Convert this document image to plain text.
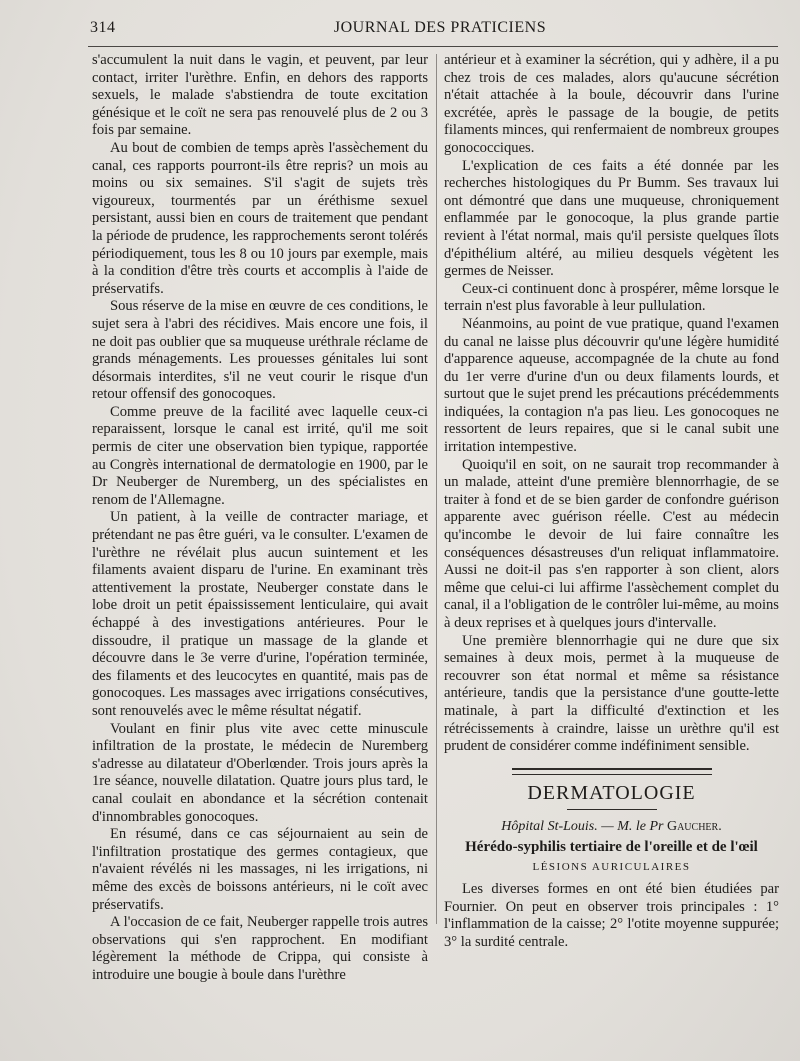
314	JOURNAL DES PRATICIENS

s'accumulent la nuit dans le vagin, et peuvent, par leur contact, irriter l'urèthre. Enfin, en dehors des rapports sexuels, le malade s'abstiendra de toute excitation génésique et le coït ne sera pas renouvelé plus de 2 ou 3 fois par semaine.

Au bout de combien de temps après l'assèchement du canal, ces rapports pourront-ils être repris? un mois au moins ou six semaines. S'il s'agit de sujets très vigoureux, tourmentés par un éréthisme sexuel persistant, aussi bien en cours de traitement que pendant la période de prudence, les rapprochements seront tolérés périodiquement, tous les 8 ou 10 jours par exemple, mais à la condition d'être très courts et accomplis à l'aide de préservatifs.

Sous réserve de la mise en œuvre de ces conditions, le sujet sera à l'abri des récidives. Mais encore une fois, il ne doit pas oublier que sa muqueuse uréthrale réclame de grands ménagements. Les prouesses génitales lui sont désormais interdites, s'il ne veut courir le risque d'un retour offensif des gonocoques.

Comme preuve de la facilité avec laquelle ceux-ci reparaissent, lorsque le canal est irrité, qu'il me soit permis de citer une observation bien typique, rapportée au Congrès international de dermatologie en 1900, par le Dr Neuberger de Nuremberg, un des spécialistes en renom de l'Allemagne.

Un patient, à la veille de contracter mariage, et prétendant ne pas être guéri, va le consulter. L'examen de l'urèthre ne révélait plus aucun suintement et les filaments avaient disparu de l'urine. En examinant très attentivement la prostate, Neuberger constate dans le lobe droit un petit épaississement lenticulaire, qui avait échappé à des investigations antérieures. Pour le dissoudre, il pratique un massage de la glande et découvre dans le 3e verre d'urine, l'opération terminée, des filaments et des leucocytes en quantité, mais pas de gonocoques. Les massages avec irrigations consécutives, sont renouvelés avec le même résultat négatif.

Voulant en finir plus vite avec cette minuscule infiltration de la prostate, le médecin de Nuremberg s'adresse au dilatateur d'Oberlœnder. Trois jours après la 1re séance, nouvelle dilatation. Quatre jours plus tard, le canal coulait en abondance et la sécrétion contenait d'innombrables gonocoques.

En résumé, dans ce cas séjournaient au sein de l'infiltration prostatique des germes contagieux, que n'avaient révélés ni les massages, ni les irrigations, ni même des excès de boissons antérieurs, ni le coït avec préservatifs.

A l'occasion de ce fait, Neuberger rappelle trois autres observations qui s'en rapprochent. En modifiant légèrement la méthode de Crippa, qui consiste à introduire une bougie à boule dans l'urèthre

antérieur et à examiner la sécrétion, qui y adhère, il a pu chez trois de ces malades, alors qu'aucune sécrétion n'était attachée à la boule, découvrir dans l'urine excrétée, après le passage de la bougie, de petits filaments minces, qui renfermaient de nombreux groupes gonococciques.

L'explication de ces faits a été donnée par les recherches histologiques du Pr Bumm. Ses travaux lui ont démontré que dans une muqueuse, chroniquement enflammée par le gonocoque, la plus grande partie revient à l'état normal, mais qu'il persiste quelques îlots d'épithélium altéré, au milieu desquels végètent les germes de Neisser.

Ceux-ci continuent donc à prospérer, même lorsque le terrain n'est plus favorable à leur pullulation.

Néanmoins, au point de vue pratique, quand l'examen du canal ne laisse plus découvrir qu'une légère humidité d'apparence aqueuse, accompagnée de la chute au fond du 1er verre d'urine d'un ou deux filaments lourds, et surtout que le sujet prend les précautions précédemments indiquées, la contagion n'a pas lieu. Les gonocoques ne ressortent de leurs repaires, que si le canal subit une irritation intempestive.

Quoiqu'il en soit, on ne saurait trop recommander à un malade, atteint d'une première blennorrhagie, de se traiter à fond et de se bien garder de confondre guérison apparente avec guérison réelle. C'est au médecin qu'incombe le devoir de lui faire connaître les conséquences désastreuses d'un reliquat inflammatoire. Aussi ne doit-il pas s'en rapporter à son client, alors même que celui-ci lui affirme l'assèchement complet du canal, il a l'obligation de le contrôler lui-même, au moins à deux reprises et à quelques jours d'intervalle.

Une première blennorrhagie qui ne dure que six semaines à deux mois, permet à la muqueuse de recouvrer son état normal et même sa résistance antérieure, tandis que la persistance d'une goutte-lette matinale, à part la difficulté d'extinction et les rétrécissements à craindre, laisse un urèthre qu'il est prudent de considérer comme indéfiniment sensible.

DERMATOLOGIE
Hôpital St-Louis. — M. le Pr Gaucher.
Hérédo-syphilis tertiaire de l'oreille et de l'œil
LÉSIONS AURICULAIRES

Les diverses formes en ont été bien étudiées par Fournier. On peut en observer trois principales : 1° l'inflammation de la caisse; 2° l'otite moyenne suppurée; 3° la surdité centrale.
